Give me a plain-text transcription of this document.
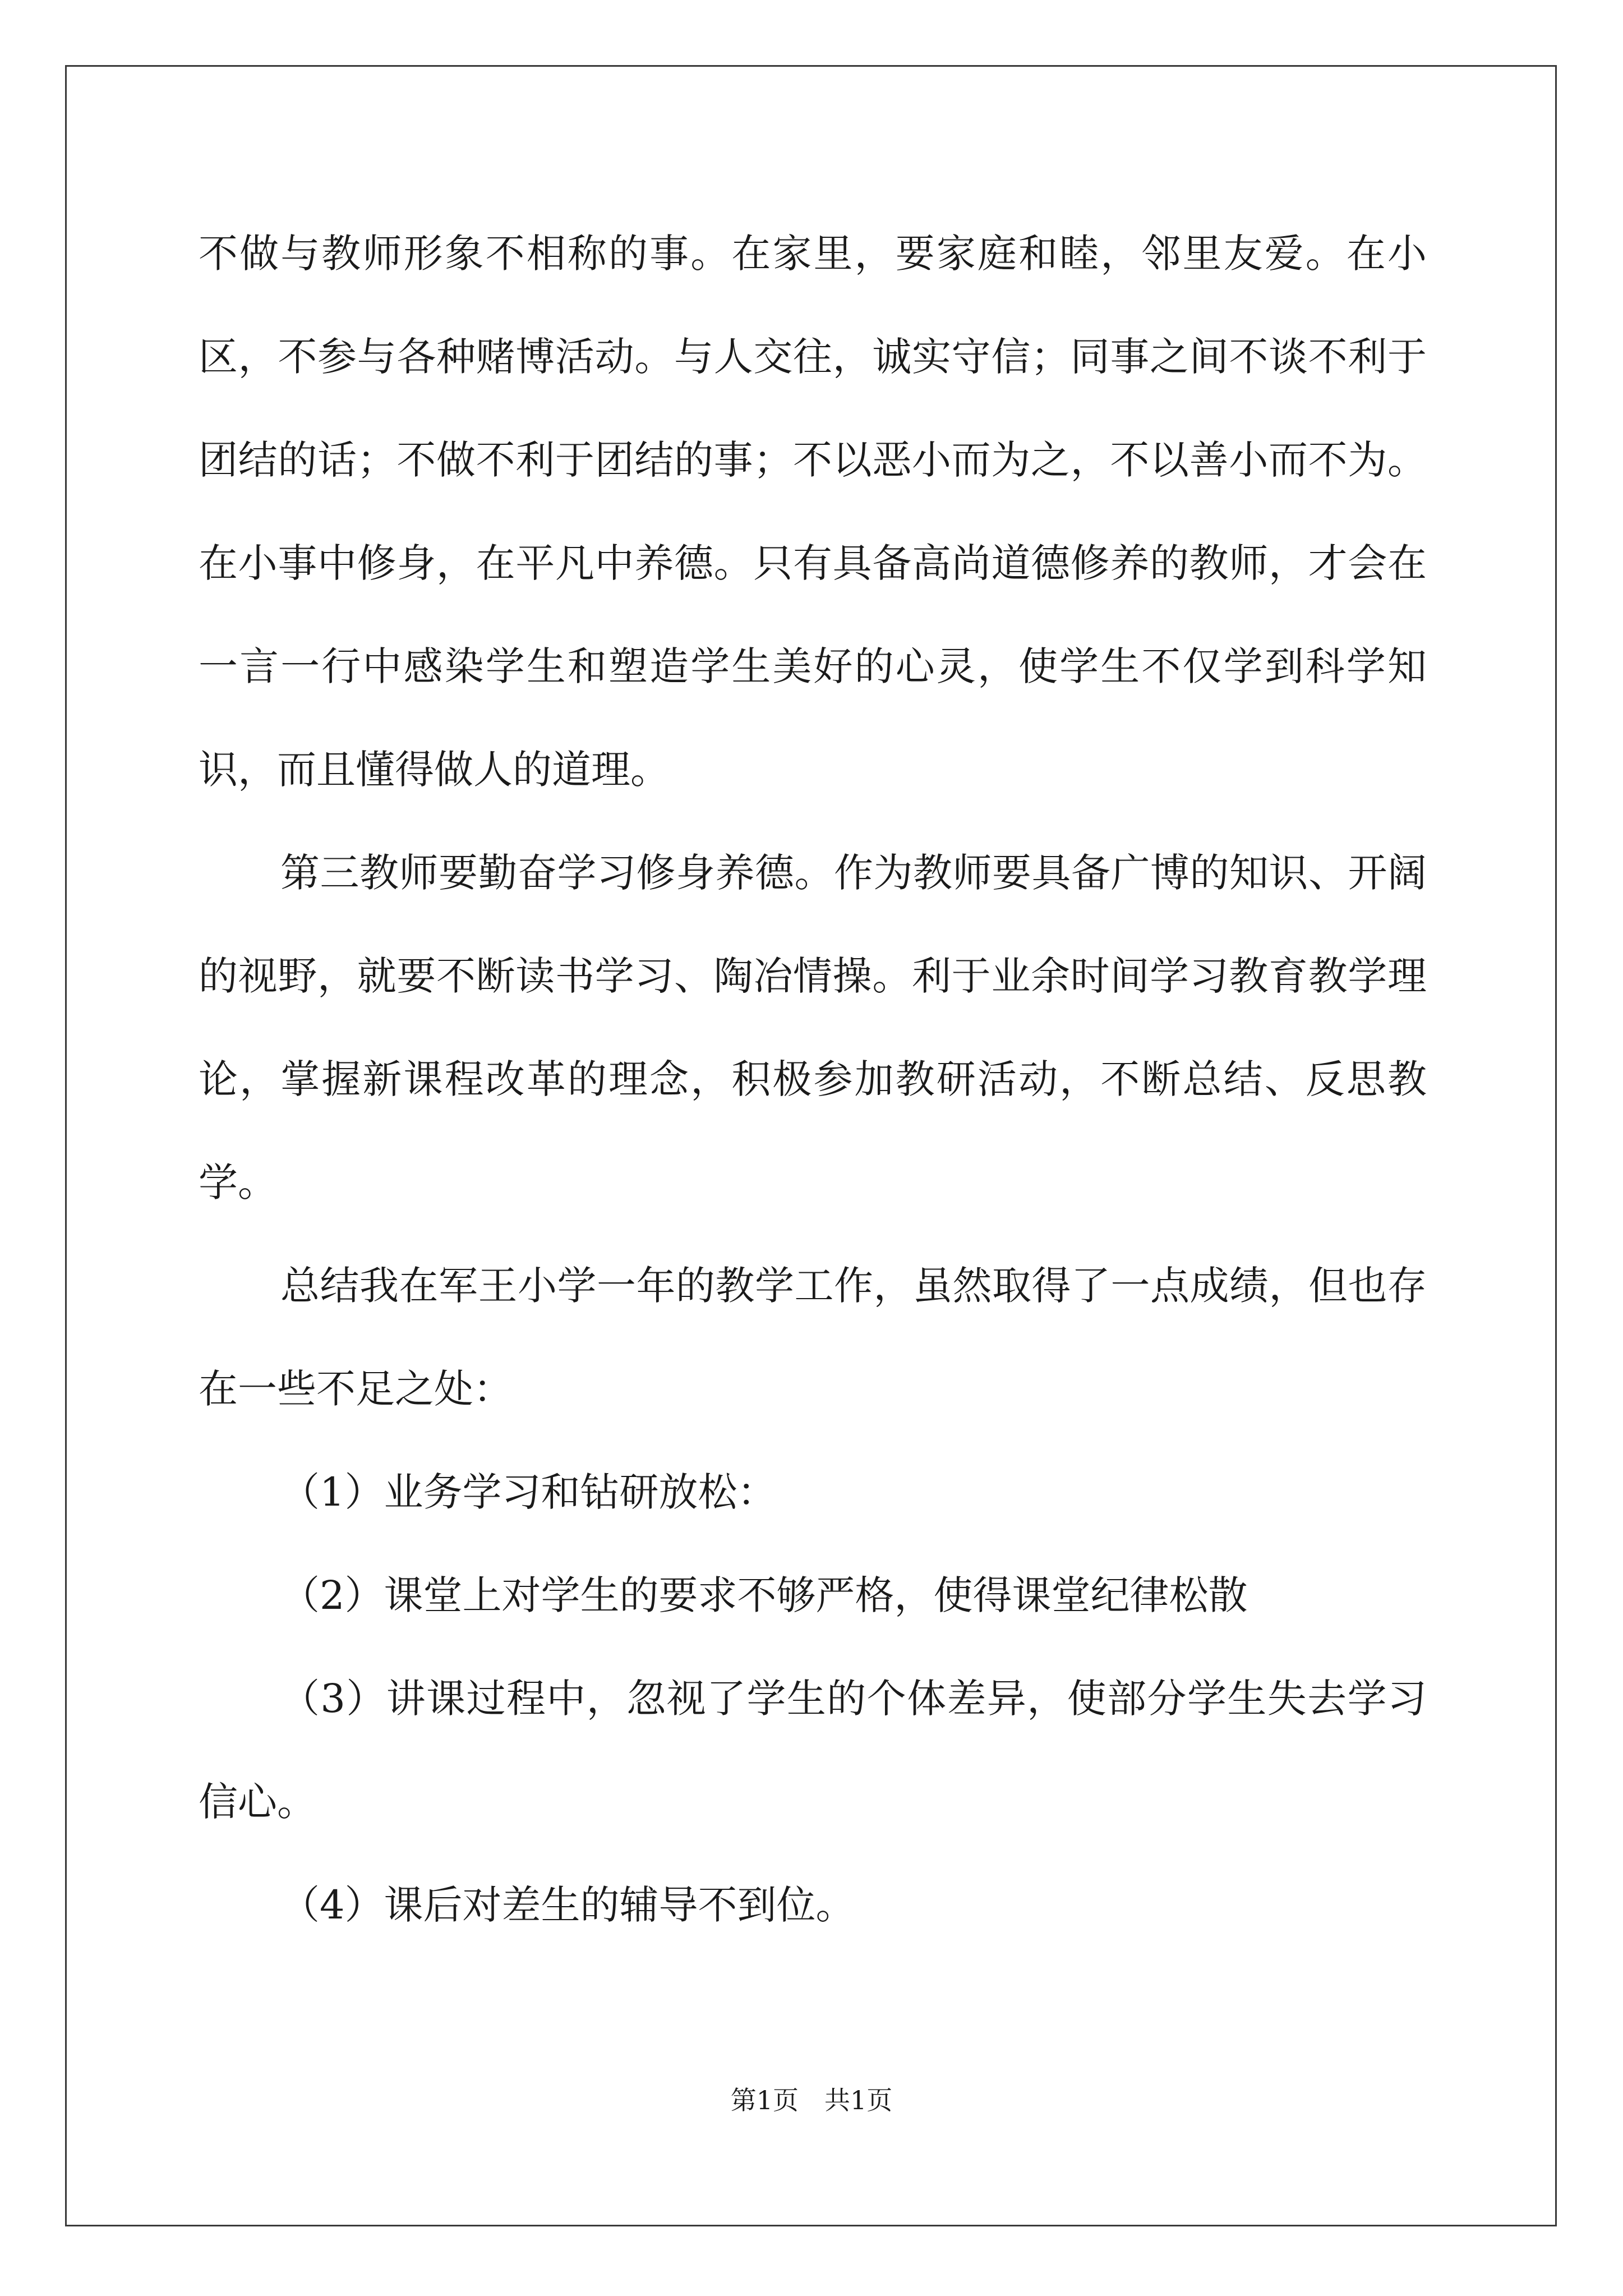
不做与教师形象不相称的事。在家里，要家庭和睦，邻里友爱。在小区，不参与各种赌博活动。与人交往，诚实守信；同事之间不谈不利于团结的话；不做不利于团结的事；不以恶小而为之，不以善小而不为。在小事中修身，在平凡中养德。只有具备高尚道德修养的教师，才会在一言一行中感染学生和塑造学生美好的心灵，使学生不仅学到科学知识，而且懂得做人的道理。

第三教师要勤奋学习修身养德。作为教师要具备广博的知识、开阔的视野，就要不断读书学习、陶冶情操。利于业余时间学习教育教学理论，掌握新课程改革的理念，积极参加教研活动，不断总结、反思教学。

总结我在军王小学一年的教学工作，虽然取得了一点成绩，但也存在一些不足之处：

（1）业务学习和钻研放松：

（2）课堂上对学生的要求不够严格，使得课堂纪律松散

（3）讲课过程中，忽视了学生的个体差异，使部分学生失去学习信心。

（4）课后对差生的辅导不到位。

第1页　共1页
